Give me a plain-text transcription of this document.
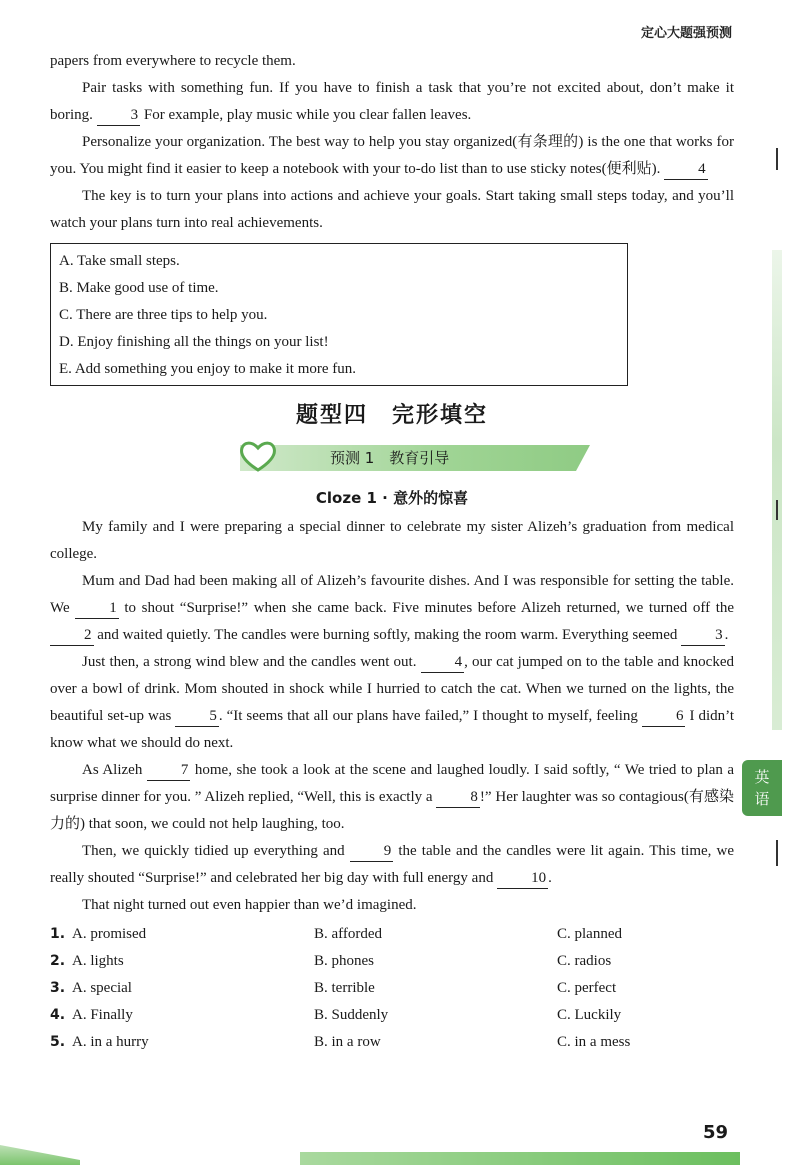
定心大题强预测
英语

papers from everywhere to recycle them.

Pair tasks with something fun. If you have to finish a task that you’re not excited about, don’t make it boring.	3 For example, play music while you clear fallen leaves.

Personalize your organization. The best way to help you stay organized(有条理的) is the one that works for you. You might find it easier to keep a notebook with your to-do list than to use sticky notes(便利贴).	4

The key is to turn your plans into actions and achieve your goals. Start taking small steps today, and you’ll watch your plans turn into real achievements.

A. Take small steps.
B. Make good use of time.
C. There are three tips to help you.
D. Enjoy finishing all the things on your list!
E. Add something you enjoy to make it more fun.
题型四　完形填空
预测 1　教育引导
Cloze 1 · 意外的惊喜

My family and I were preparing a special dinner to celebrate my sister Alizeh’s graduation from medical college.

Mum and Dad had been making all of Alizeh’s favourite dishes. And I was responsible for setting the table. We	1 to shout “Surprise!” when she came back. Five minutes before Alizeh returned, we turned off the 2 and waited quietly. The candles were burning softly, making the room warm. Everything seemed	3 .

Just then, a strong wind blew and the candles went out.	4 , our cat jumped on to the table and knocked over a bowl of drink. Mom shouted in shock while I hurried to catch the cat. When we turned on the lights, the beautiful set-up was	5 . “It seems that all our plans have failed,” I thought to myself, feeling	6 I didn’t know what we should do next.

As Alizeh	7 home, she took a look at the scene and laughed loudly. I said softly, “ We tried to plan a surprise dinner for you. ” Alizeh replied, “Well, this is exactly a	8 !” Her laughter was so contagious(有感染力的) that soon, we could not help laughing, too.

Then, we quickly tidied up everything and	9 the table and the candles were lit again. This time, we really shouted “Surprise!” and celebrated her big day with full energy and	10 .

That night turned out even happier than we’d imagined.

1. A. promised	B. afforded	C. planned
2. A. lights	B. phones	C. radios
3. A. special	B. terrible	C. perfect
4. A. Finally	B. Suddenly	C. Luckily
5. A. in a hurry	B. in a row	C. in a mess
59
